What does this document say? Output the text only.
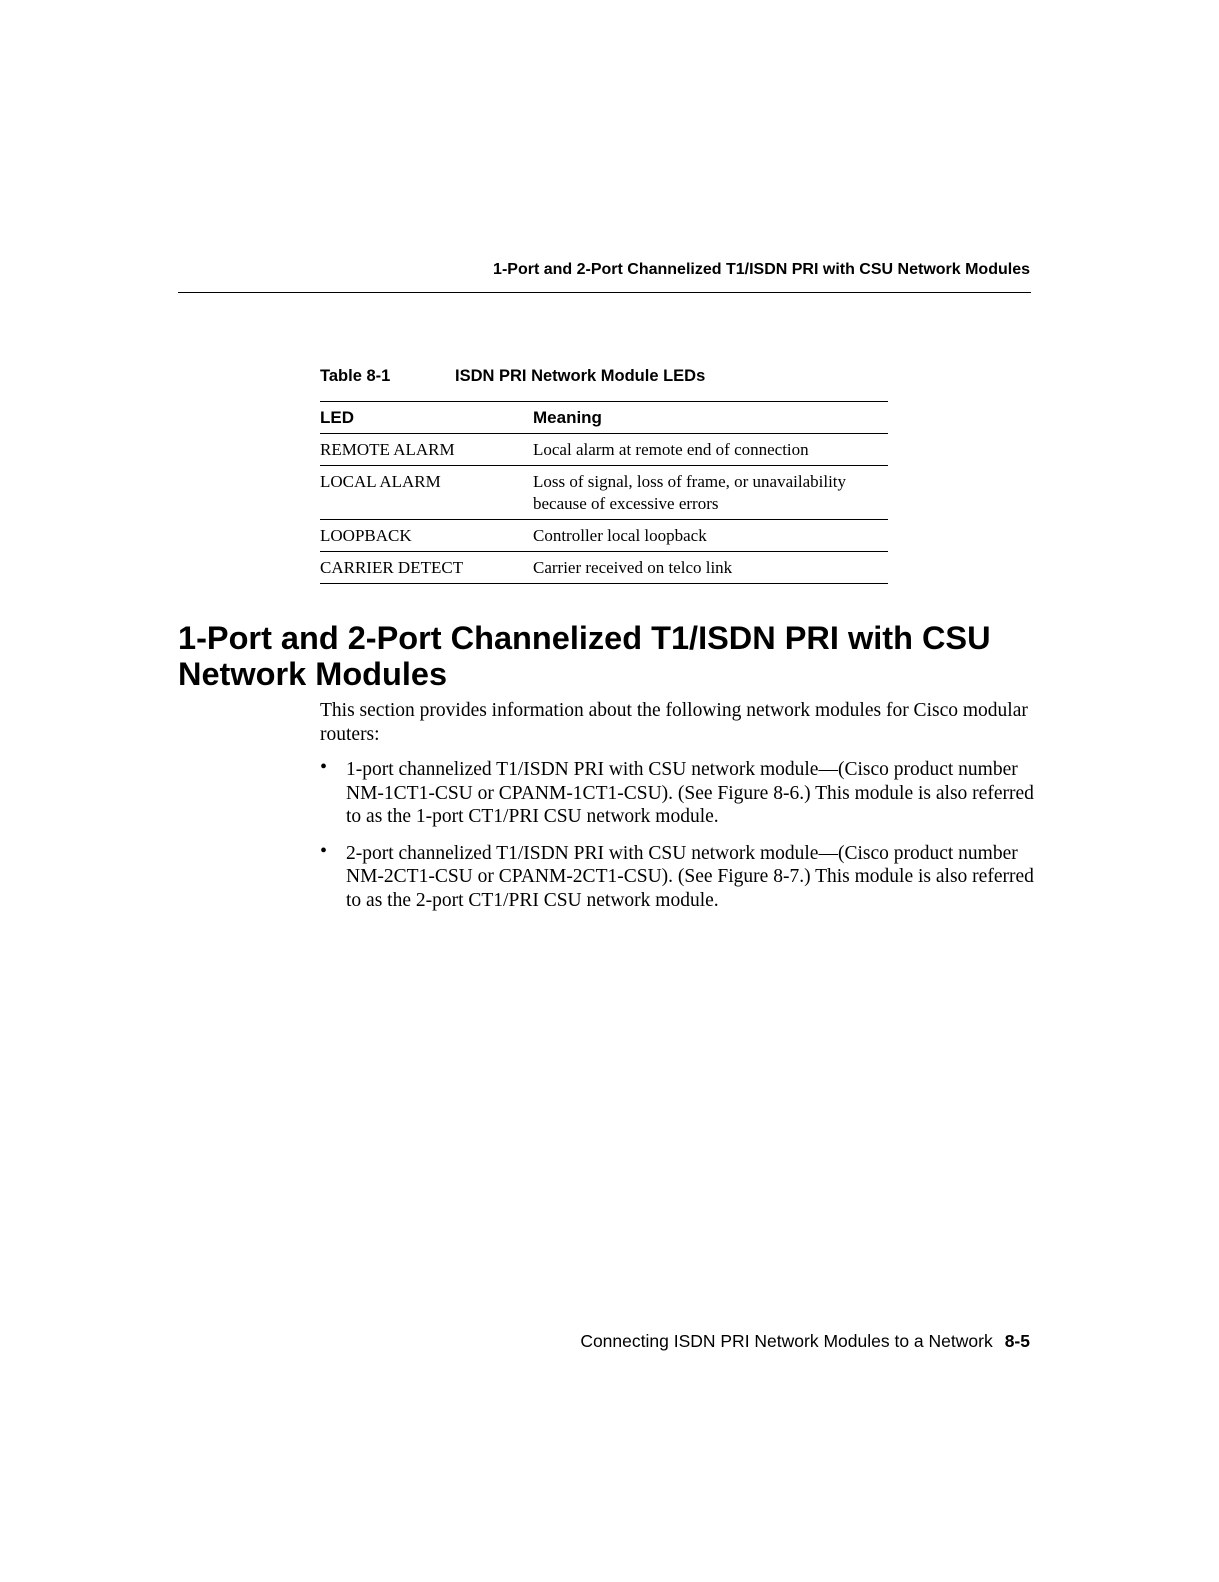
1-Port and 2-Port Channelized T1/ISDN PRI with CSU Network Modules
Table 8-1	ISDN PRI Network Module LEDs
LED	Meaning
REMOTE ALARM	Local alarm at remote end of connection
LOCAL ALARM	Loss of signal, loss of frame, or unavailability because of excessive errors
LOOPBACK	Controller local loopback
CARRIER DETECT	Carrier received on telco link
1-Port and 2-Port Channelized T1/ISDN PRI with CSU Network Modules

This section provides information about the following network modules for Cisco modular routers:

• 1-port channelized T1/ISDN PRI with CSU network module—(Cisco product number NM-1CT1-CSU or CPANM-1CT1-CSU). (See Figure 8-6.) This module is also referred to as the 1-port CT1/PRI CSU network module.
• 2-port channelized T1/ISDN PRI with CSU network module—(Cisco product number NM-2CT1-CSU or CPANM-2CT1-CSU). (See Figure 8-7.) This module is also referred to as the 2-port CT1/PRI CSU network module.
Connecting ISDN PRI Network Modules to a Network 8-5
